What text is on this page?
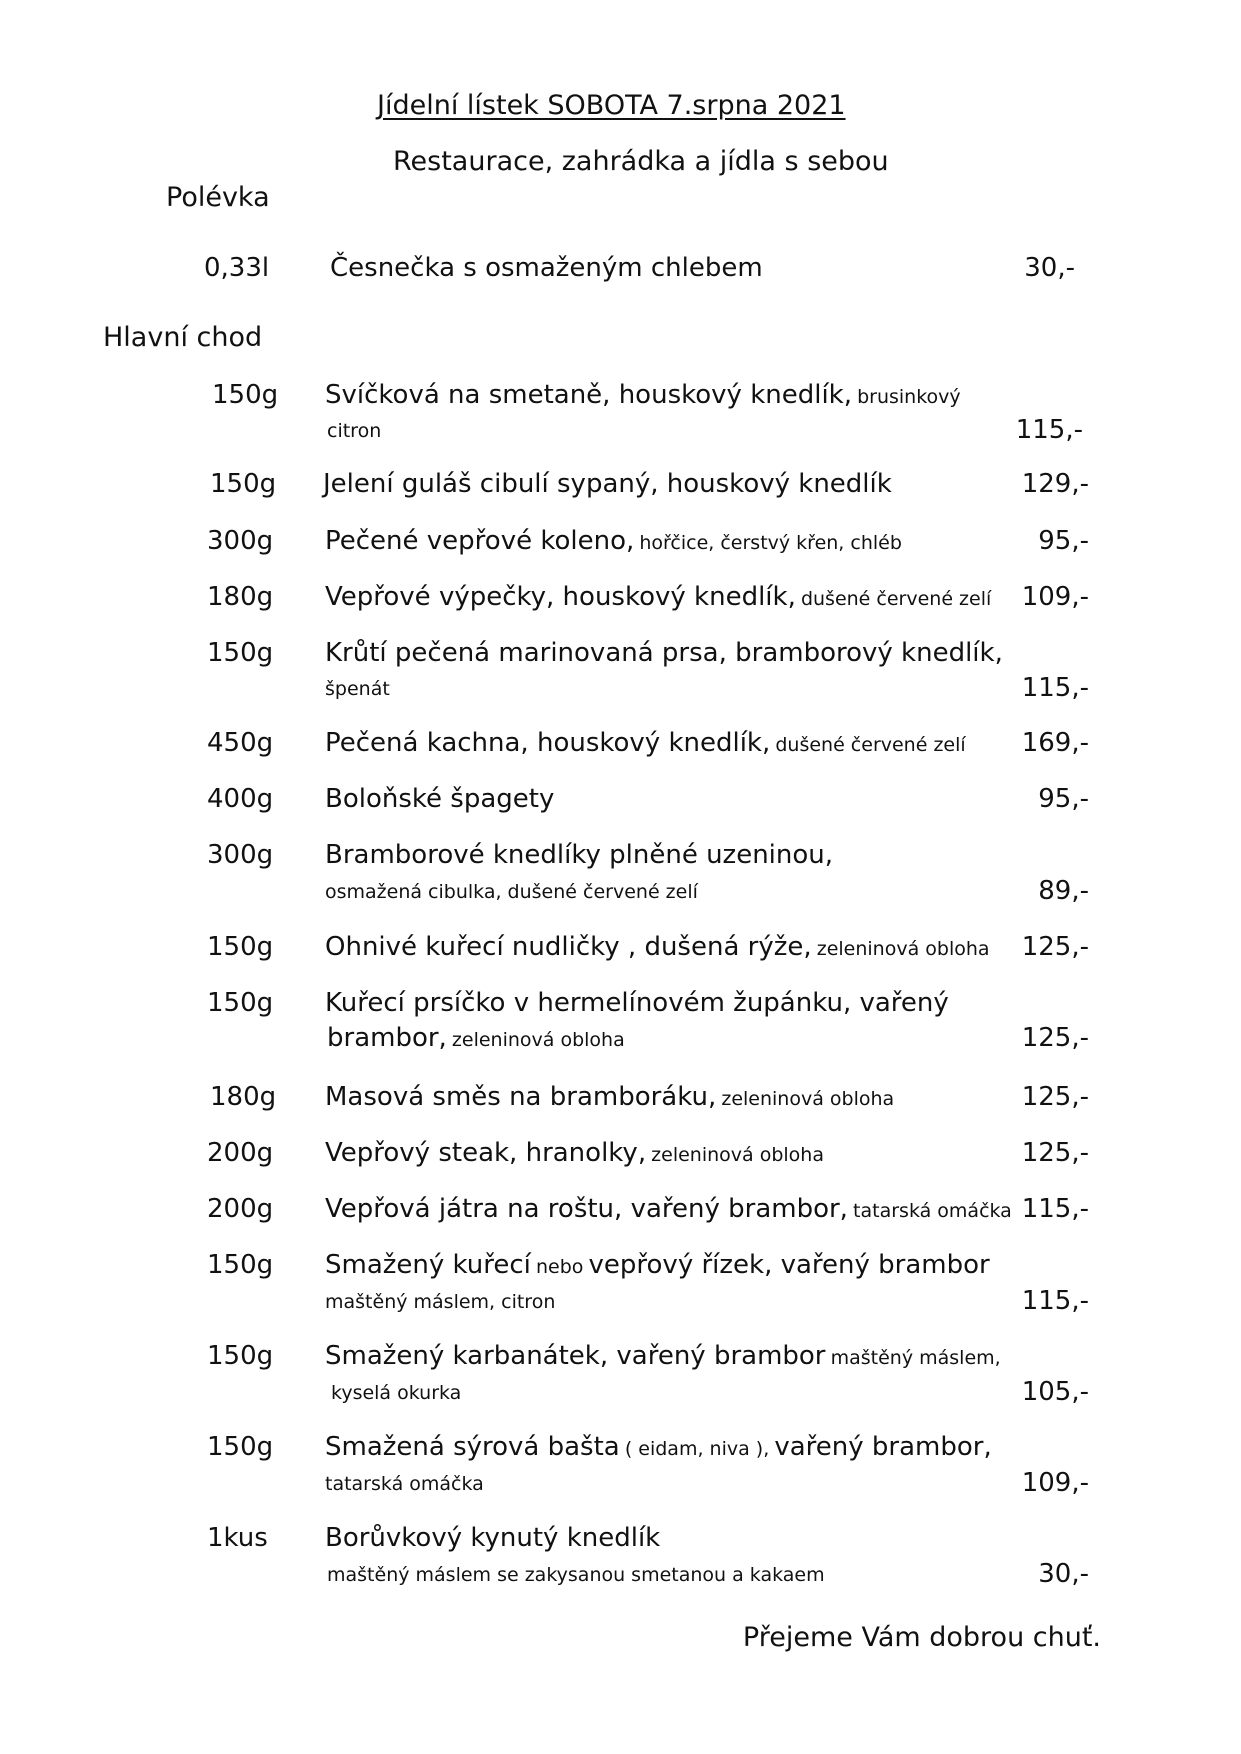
Jídelní lístek SOBOTA 7.srpna 2021
Restaurace, zahrádka a jídla s sebou
Polévka
0,33l Česnečka s osmaženým chlebem	30,-
Hlavní chod
150g Svíčková na smetaně, houskový knedlík, brusinkový
citron	115,-
150g Jelení guláš cibulí sypaný, houskový knedlík	129,-
300g Pečené vepřové koleno, hořčice, čerstvý křen, chléb	95,-
180g Vepřové výpečky, houskový knedlík, dušené červené zelí 109,-
150g Krůtí pečená marinovaná prsa, bramborový knedlík,
špenát	115,-
450g Pečená kachna, houskový knedlík, dušené červené zelí 169,-
400g Boloňské špagety	95,-
300g Bramborové knedlíky plněné uzeninou,
osmažená cibulka, dušené červené zelí	89,-
150g Ohnivé kuřecí nudličky , dušená rýže, zeleninová obloha 125,-
150g Kuřecí prsíčko v hermelínovém župánku, vařený
brambor, zeleninová obloha	125,-
180g Masová směs na bramboráku, zeleninová obloha	125,-
200g Vepřový steak, hranolky, zeleninová obloha	125,-
200g Vepřová játra na roštu, vařený brambor, tatarská omáčka 115,-
150g Smažený kuřecí nebo vepřový řízek, vařený brambor
maštěný máslem, citron	115,-
150g Smažený karbanátek, vařený brambor maštěný máslem,
kyselá okurka	105,-
150g Smažená sýrová bašta ( eidam, niva ), vařený brambor,
tatarská omáčka	109,-
1kus Borůvkový kynutý knedlík
maštěný máslem se zakysanou smetanou a kakaem	30,-
Přejeme Vám dobrou chuť.
